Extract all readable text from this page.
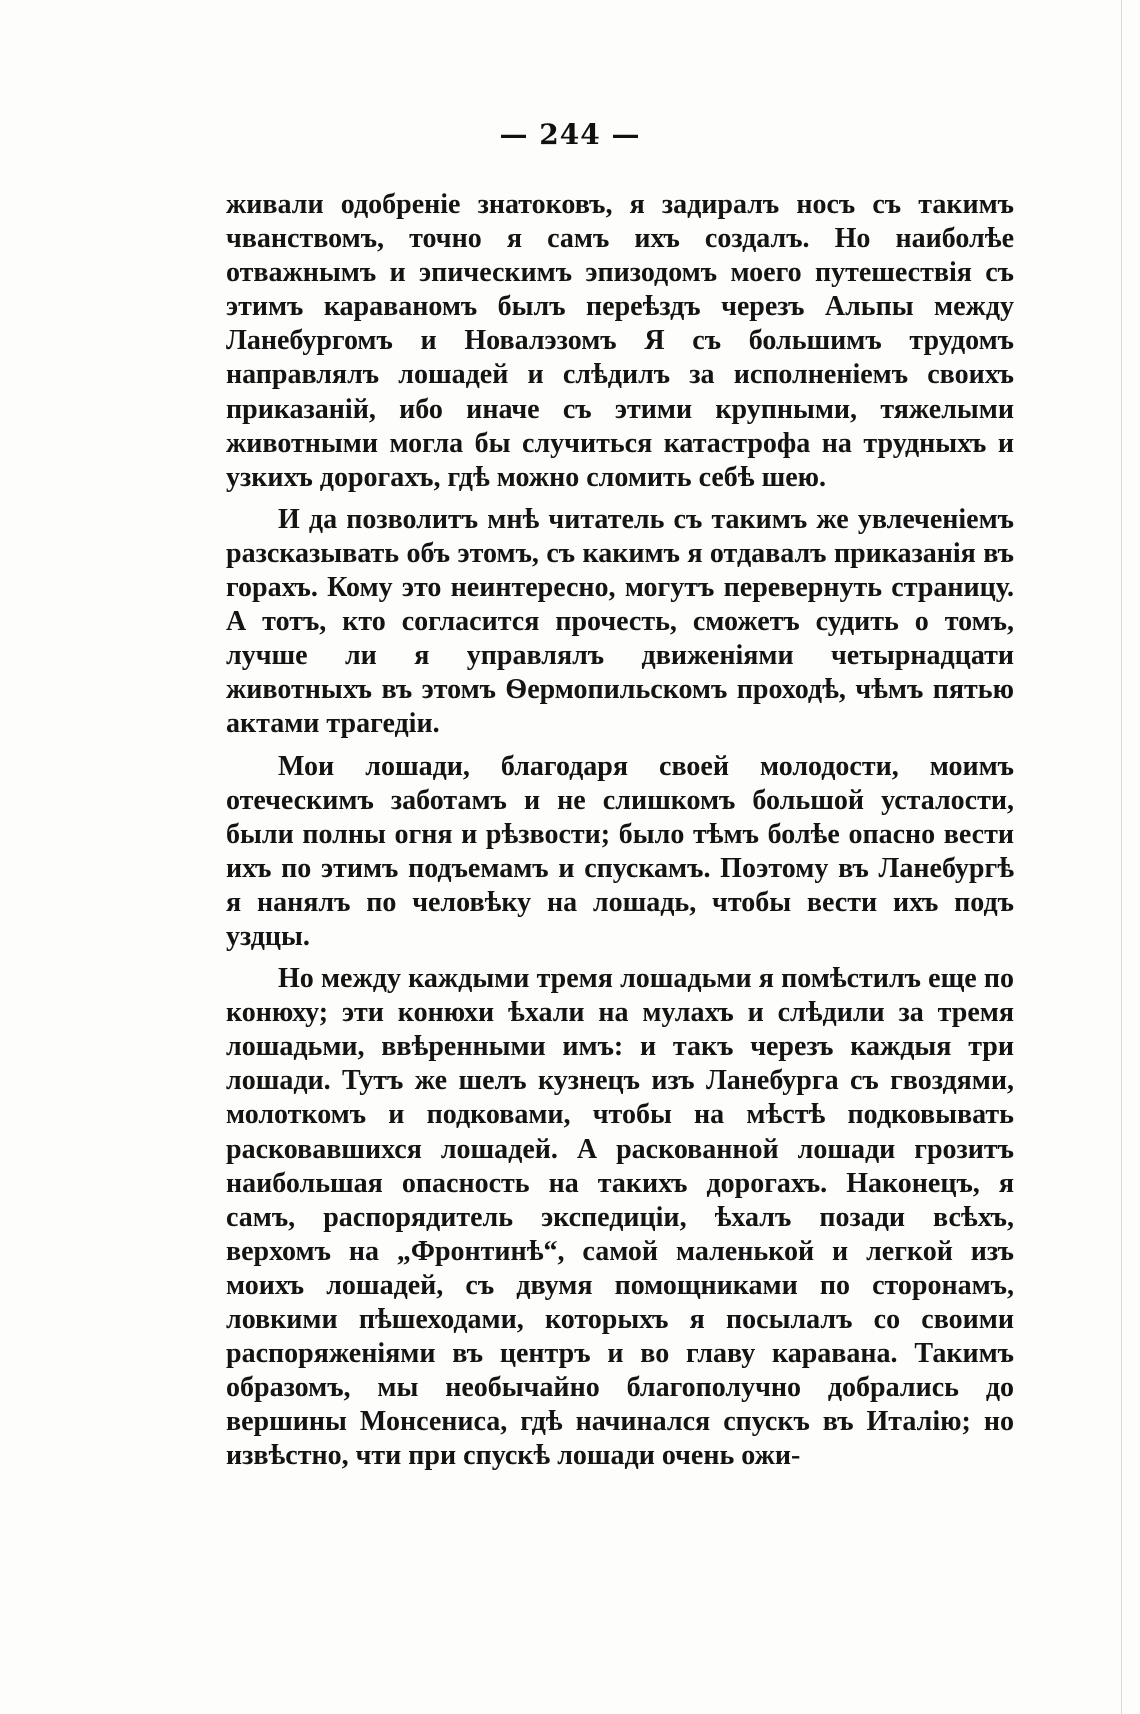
— 244 —

живали одобреніе знатоковъ, я задиралъ носъ съ такимъ чванствомъ, точно я самъ ихъ создалъ. Но наиболѣе отважнымъ и эпическимъ эпизодомъ моего путешествія съ этимъ караваномъ былъ переѣздъ черезъ Альпы между Ланебургомъ и Новалэзомъ Я съ большимъ трудомъ направлялъ лошадей и слѣдилъ за исполненіемъ своихъ приказаній, ибо иначе съ этими крупными, тяжелыми животными могла бы случиться катастрофа на трудныхъ и узкихъ дорогахъ, гдѣ можно сломить себѣ шею.

И да позволитъ мнѣ читатель съ такимъ же увлеченіемъ разсказывать объ этомъ, съ какимъ я отдавалъ приказанія въ горахъ. Кому это неинтересно, могутъ перевернуть страницу. А тотъ, кто согласится прочесть, сможетъ судить о томъ, лучше ли я управлялъ движеніями четырнадцати животныхъ въ этомъ Ѳермопильскомъ проходѣ, чѣмъ пятью актами трагедіи.

Мои лошади, благодаря своей молодости, моимъ отеческимъ заботамъ и не слишкомъ большой усталости, были полны огня и рѣзвости; было тѣмъ болѣе опасно вести ихъ по этимъ подъемамъ и спускамъ. Поэтому въ Ланебургѣ я нанялъ по человѣку на лошадь, чтобы вести ихъ подъ уздцы.

Но между каждыми тремя лошадьми я помѣстилъ еще по конюху; эти конюхи ѣхали на мулахъ и слѣдили за тремя лошадьми, ввѣренными имъ: и такъ черезъ каждыя три лошади. Тутъ же шелъ кузнецъ изъ Ланебурга съ гвоздями, молоткомъ и подковами, чтобы на мѣстѣ подковывать расковавшихся лошадей. А раскованной лошади грозитъ наибольшая опасность на такихъ дорогахъ. Наконецъ, я самъ, распорядитель экспедиціи, ѣхалъ позади всѣхъ, верхомъ на „Фронтинѣ“, самой маленькой и легкой изъ моихъ лошадей, съ двумя помощниками по сторонамъ, ловкими пѣшеходами, которыхъ я посылалъ со своими распоряженіями въ центръ и во главу каравана. Такимъ образомъ, мы необычайно благополучно добрались до вершины Монсениса, гдѣ начинался спускъ въ Италію; но извѣстно, чти при спускѣ лошади очень ожи-
